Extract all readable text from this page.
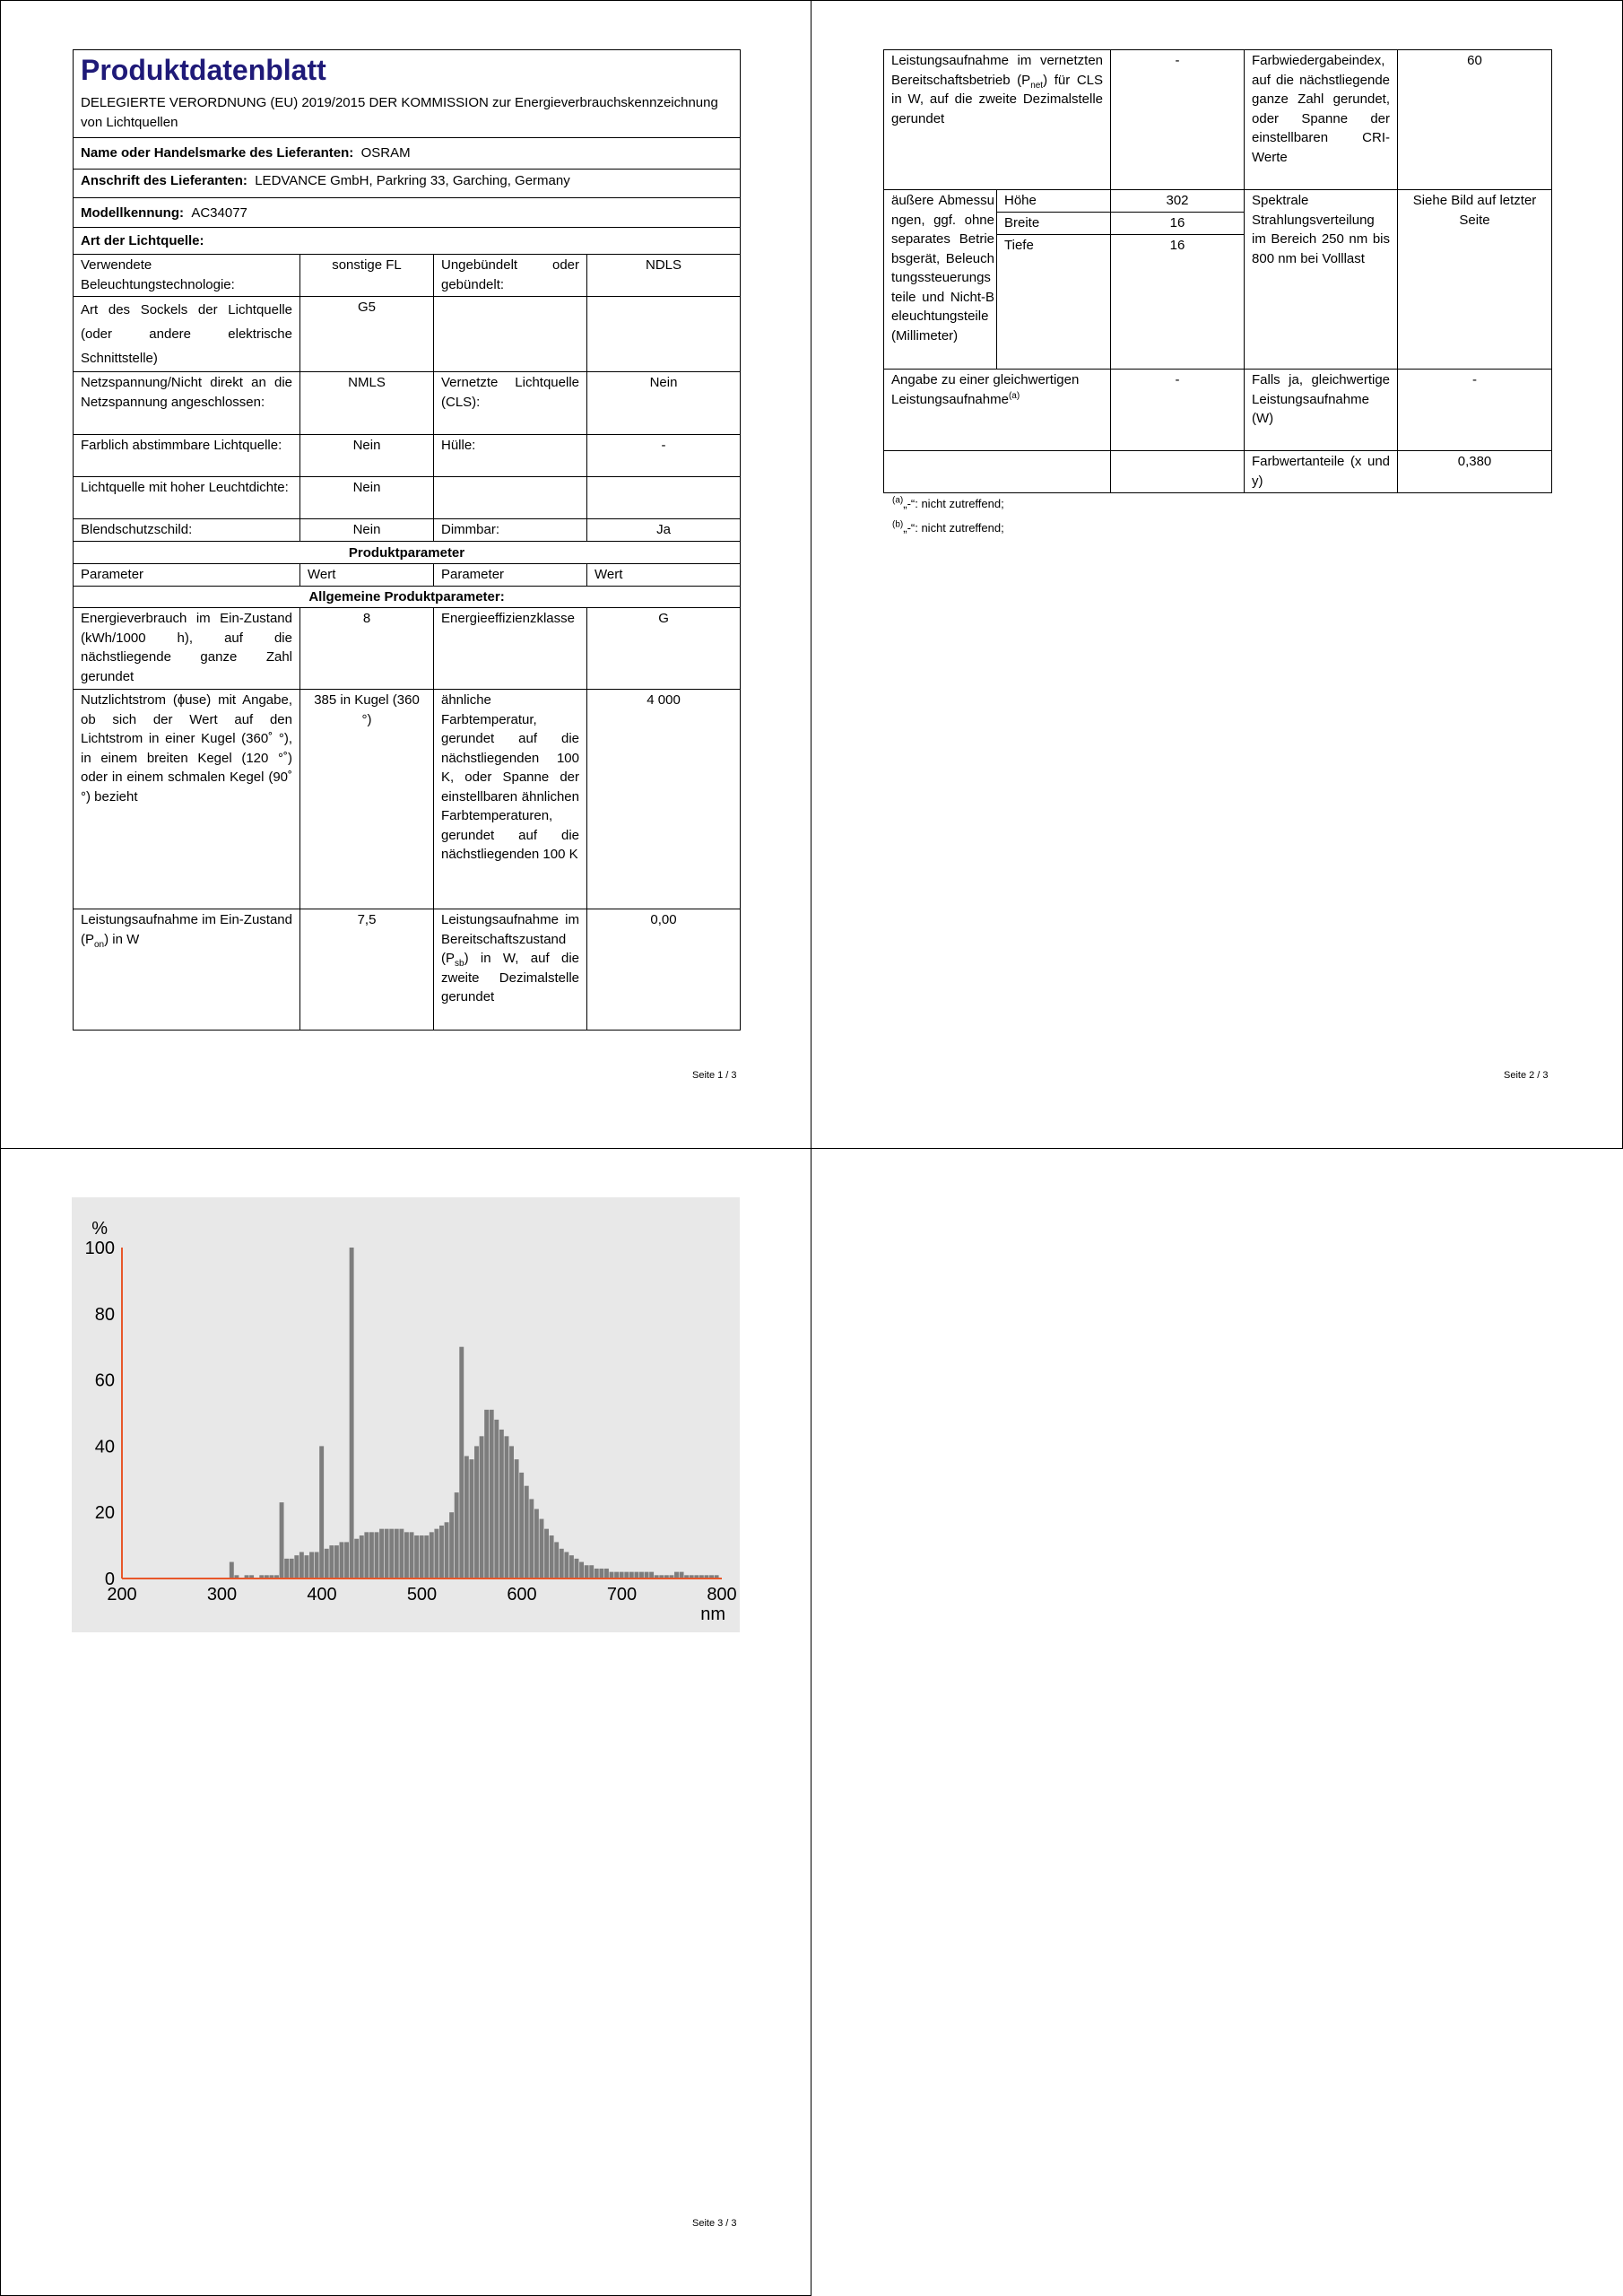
Produktdatenblatt
DELEGIERTE VERORDNUNG (EU) 2019/2015 DER KOMMISSION zur Energieverbrauchskennzeichnung von Lichtquellen			

Name oder Handelsmarke des Lieferanten: OSRAM			
Anschrift des Lieferanten: LEDVANCE GmbH, Parkring 33, Garching, Germany			
Modellkennung: AC34077			
Art der Lichtquelle:			
Verwendete Beleuchtungstechnologie:	sonstige FL	Ungebündelt oder gebündelt:	NDLS
Art des Sockels der Lichtquelle (oder andere elektrische Schnittstelle)	G5		
Netzspannung/Nicht direkt an die Netzspannung angeschlossen:	NMLS	Vernetzte Lichtquelle (CLS):	Nein
Farblich abstimmbare Lichtquelle:	Nein	Hülle:	-
Lichtquelle mit hoher Leuchtdichte:	Nein		
Blendschutzschild:	Nein	Dimmbar:	Ja
Produktparameter			
Parameter	Wert	Parameter	Wert
Allgemeine Produktparameter:			
Energieverbrauch im Ein-Zustand (kWh/1000 h), auf die nächstliegende ganze Zahl gerundet	8	Energieeffizienzklasse	G
Nutzlichtstrom (ɸuse) mit Angabe, ob sich der Wert auf den Lichtstrom in einer Kugel (360˚ °), in einem breiten Kegel (120 °˚) oder in einem schmalen Kegel (90˚ °) bezieht	385 in Kugel (360 °)	ähnliche Farbtemperatur, gerundet auf die nächstliegenden 100 K, oder Spanne der einstellbaren ähnlichen Farbtemperaturen, gerundet auf die nächstliegenden 100 K	4 000
Leistungsaufnahme im Ein-Zustand $(P_{on})$ in W	7,5	Leistungsaufnahme im Bereitschaftszustand $(P_{sb})$ in W, auf die zweite Dezimalstelle gerundet	0,00
Seite 1 / 3
Leistungsaufnahme im vernetzten Bereitschaftsbetrieb $(P_{net})$ für CLS in W, auf die zweite Dezimalstelle gerundet		-	Farbwiedergabeindex, auf die nächstliegende ganze Zahl gerundet, oder Spanne der einstellbaren CRI-Werte	60
äußere Abmessungen, ggf. ohne separates Betriebsgerät, Beleuchtungssteuerungsteile und Nicht-Beleuchtungsteile (Millimeter)	Höhe	302	Spektrale Strahlungsverteilung im Bereich 250 nm bis 800 nm bei Volllast	Siehe Bild auf letzter Seite
	Breite	16		
	Tiefe	16		
Angabe zu einer gleichwertigen Leistungsaufnahme$^{(a)}$		-	Falls ja, gleichwertige Leistungsaufnahme (W)	-
			Farbwertanteile (x und y)	0,380
$^{(a)}$„-“: nicht zutreffend;
$^{(b)}$„-“: nicht zutreffend;
Seite 2 / 3
Seite 3 / 3
0
20
40
60
80
100
200	300	400	500	600	700	800
%
nm
